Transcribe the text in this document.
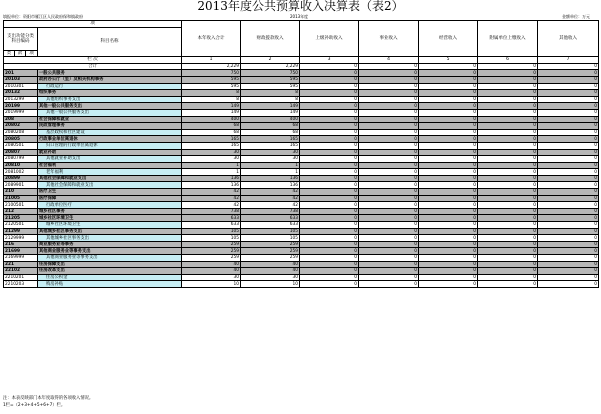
2013年度公共预算收入决算表（表2）
填报单位：资阳市雁江区人民政府保和镇政府	2013年度	金额单位：万元
项				本年收入合计	财政拨款收入	上级补助收入	事业收入	经营收入	附属单位上缴收入	其他收入
支出功能分类科目编码			科目名称							
类	款	项								
栏 次				1	2	3	4	5	6	7
合计				2,229	2,229	0	0	0	0	0
201			一般公共服务	750	750	0	0	0	0	0
20103			政府办公厅（室）及相关机构事务	595	595	0	0	0	0	0
2010301			行政运行	595	595	0	0	0	0	0
20132			组织事务	8	8	0	0	0	0	0
2013299			其他组织事务支出	8	8	0	0	0	0	0
20199			其他一般公共服务支出	149	149	0	0	0	0	0
2019999			其他一般公共服务支出	149	149	0	0	0	0	0
208			社会保障和就业	400	400	0	0	0	0	0
20802			民政管理事务	68	68	0	0	0	0	0
2080208			基层政权和社区建设	68	68	0	0	0	0	0
20805			行政事业单位离退休	165	165	0	0	0	0	0
2080501			归口管理的行政单位离退休	165	165	0	0	0	0	0
20807			就业补助	30	30	0	0	0	0	0
2080799			其他就业补助支出	30	30	0	0	0	0	0
20810			社会福利	1	1	0	0	0	0	0
2081002			老年福利	1	1	0	0	0	0	0
20899			其他社会保障和就业支出	136	136	0	0	0	0	0
2089901			其他社会保障和就业支出	136	136	0	0	0	0	0
210			医疗卫生	42	42	0	0	0	0	0
21005			医疗保障	42	42	0	0	0	0	0
2100501			行政单位医疗	42	42	0	0	0	0	0
212			城乡社区事务	738	738	0	0	0	0	0
21205			城乡社区环境卫生	633	633	0	0	0	0	0
2120501			城乡社区环境卫生	633	633	0	0	0	0	0
21299			其他城乡社区事务支出	105	105	0	0	0	0	0
2129999			其他城乡社区事务支出	105	105	0	0	0	0	0
216			商业服务业等事务	259	259	0	0	0	0	0
21699			其他商业服务业等事务支出	259	259	0	0	0	0	0
2169999			其他商业服务业等事务支出	259	259	0	0	0	0	0
221			住房保障支出	40	40	0	0	0	0	0
22102			住房改革支出	40	40	0	0	0	0	0
2210201			住房公积金	30	30	0	0	0	0	0
2210203			购房补贴	10	10	0	0	0	0	0
注：本表反映部门本年度取得的各项收入情况。
1栏=（2+3+4+5+6+7）栏。
